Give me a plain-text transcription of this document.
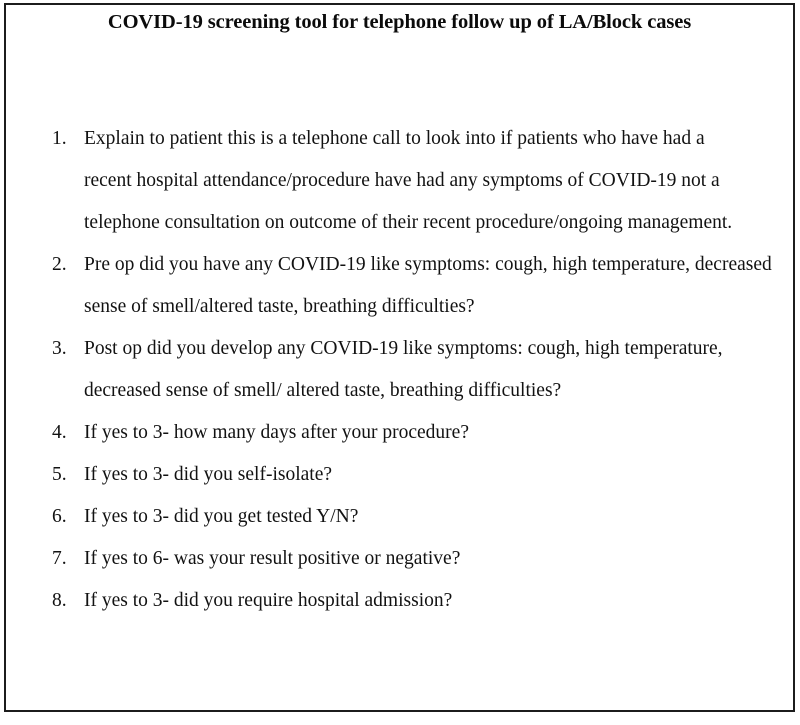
COVID-19 screening tool for telephone follow up of LA/Block cases
1. Explain to patient this is a telephone call to look into if patients who have had a recent hospital attendance/procedure have had any symptoms of COVID-19 not a telephone consultation on outcome of their recent procedure/ongoing management.
2. Pre op did you have any COVID-19 like symptoms: cough, high temperature, decreased sense of smell/altered taste, breathing difficulties?
3. Post op did you develop any COVID-19 like symptoms: cough, high temperature, decreased sense of smell/ altered taste, breathing difficulties?
4. If yes to 3- how many days after your procedure?
5. If yes to 3- did you self-isolate?
6. If yes to 3- did you get tested Y/N?
7. If yes to 6- was your result positive or negative?
8. If yes to 3- did you require hospital admission?
